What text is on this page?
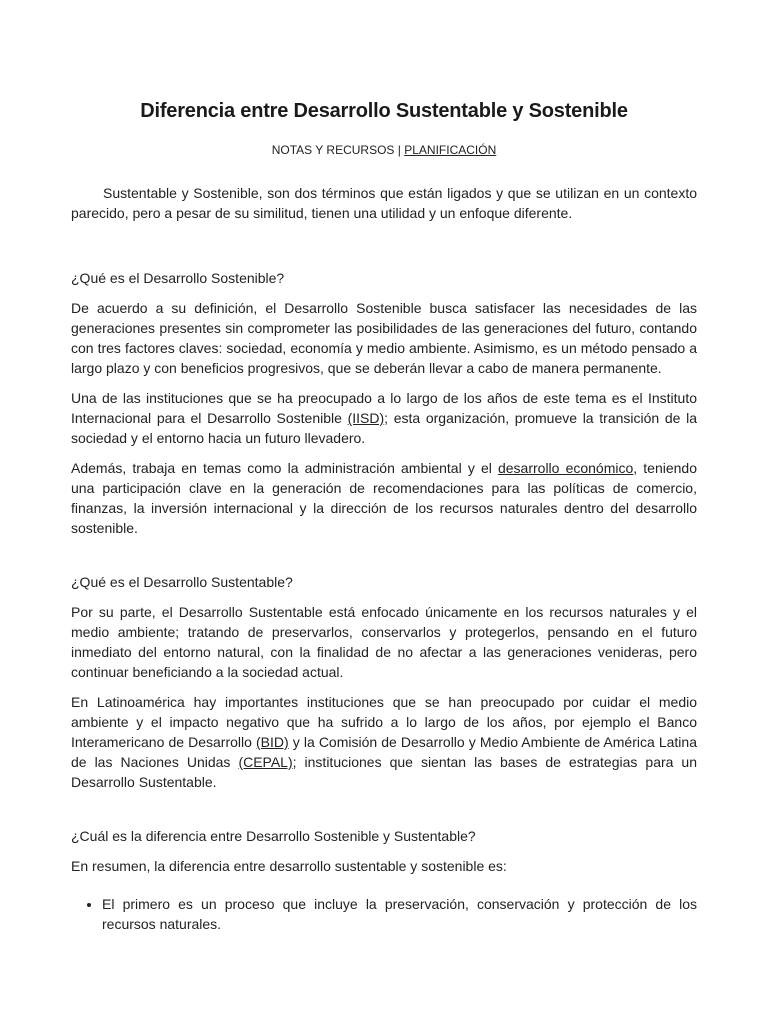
Diferencia entre Desarrollo Sustentable y Sostenible
NOTAS Y RECURSOS | PLANIFICACIÓN

Sustentable y Sostenible, son dos términos que están ligados y que se utilizan en un contexto parecido, pero a pesar de su similitud, tienen una utilidad y un enfoque diferente.

¿Qué es el Desarrollo Sostenible?

De acuerdo a su definición, el Desarrollo Sostenible busca satisfacer las necesidades de las generaciones presentes sin comprometer las posibilidades de las generaciones del futuro, contando con tres factores claves: sociedad, economía y medio ambiente. Asimismo, es un método pensado a largo plazo y con beneficios progresivos, que se deberán llevar a cabo de manera permanente.

Una de las instituciones que se ha preocupado a lo largo de los años de este tema es el Instituto Internacional para el Desarrollo Sostenible (IISD); esta organización, promueve la transición de la sociedad y el entorno hacia un futuro llevadero.

Además, trabaja en temas como la administración ambiental y el desarrollo económico, teniendo una participación clave en la generación de recomendaciones para las políticas de comercio, finanzas, la inversión internacional y la dirección de los recursos naturales dentro del desarrollo sostenible.

¿Qué es el Desarrollo Sustentable?

Por su parte, el Desarrollo Sustentable está enfocado únicamente en los recursos naturales y el medio ambiente; tratando de preservarlos, conservarlos y protegerlos, pensando en el futuro inmediato del entorno natural, con la finalidad de no afectar a las generaciones venideras, pero continuar beneficiando a la sociedad actual.

En Latinoamérica hay importantes instituciones que se han preocupado por cuidar el medio ambiente y el impacto negativo que ha sufrido a lo largo de los años, por ejemplo el Banco Interamericano de Desarrollo (BID) y la Comisión de Desarrollo y Medio Ambiente de América Latina de las Naciones Unidas (CEPAL); instituciones que sientan las bases de estrategias para un Desarrollo Sustentable.

¿Cuál es la diferencia entre Desarrollo Sostenible y Sustentable?

En resumen, la diferencia entre desarrollo sustentable y sostenible es:

• El primero es un proceso que incluye la preservación, conservación y protección de los recursos naturales.
